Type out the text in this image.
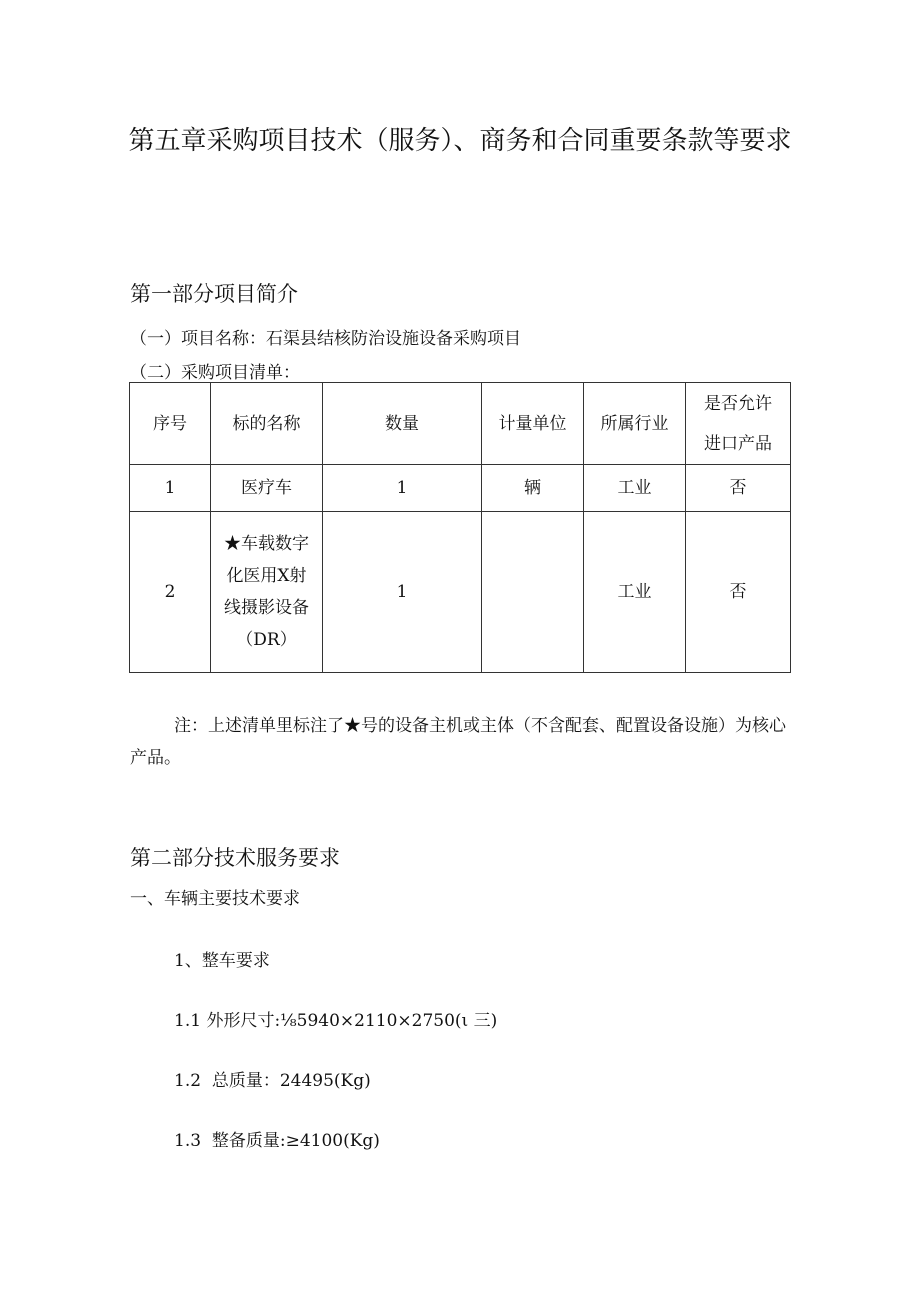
第五章采购项目技术（服务）、商务和合同重要条款等要求
第一部分项目简介

（一）项目名称：石渠县结核防治设施设备采购项目

（二）采购项目清单：

序号	标的名称	数量	计量单位	所属行业	是否允许进口产品
1	医疗车	1	辆	工业	否
2	★车载数字化医用X射线摄影设备（DR）	1		工业	否

注：上述清单里标注了★号的设备主机或主体（不含配套、配置设备设施）为核心产品。

第二部分技术服务要求

一、车辆主要技术要求

1、整车要求

1.1 外形尺寸:⅛5940×2110×2750(ι 三)

1.2  总质量：24495(Kg)

1.3  整备质量:≥4100(Kg)
